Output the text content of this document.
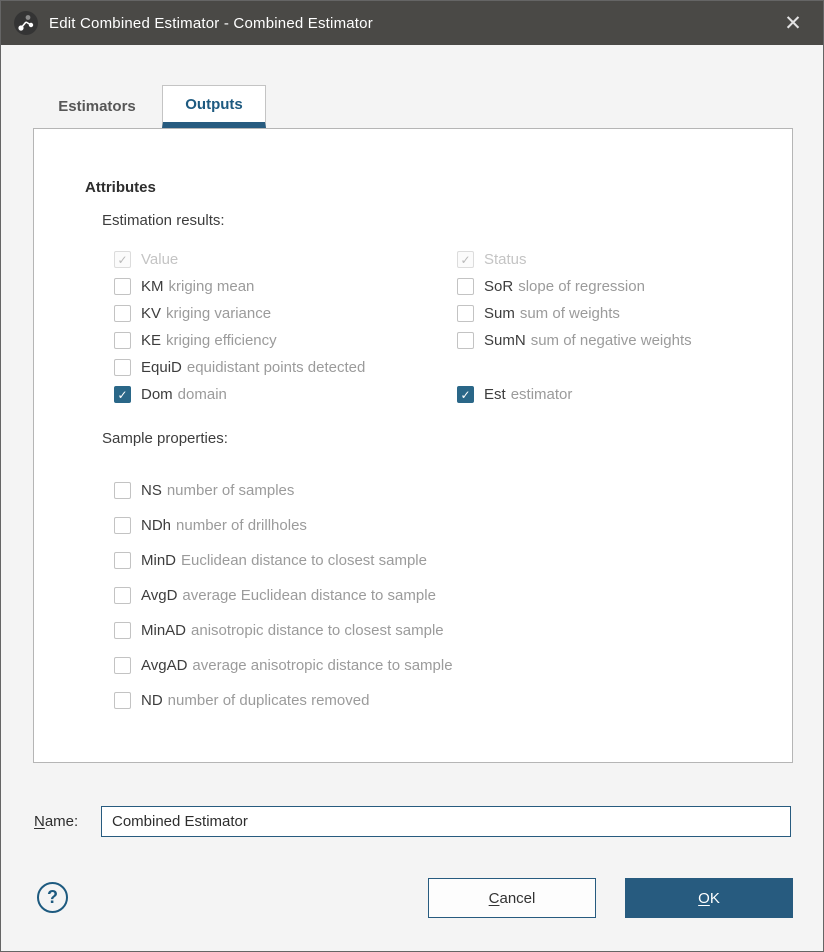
Edit Combined Estimator - Combined Estimator	✕
Estimators	Outputs
Attributes
Estimation results:
✓
Value
KM kriging mean
KV kriging variance
KE kriging efficiency
EquiD equidistant points detected
✓
Dom domain
✓
Status
SoR slope of regression
Sum sum of weights
SumN sum of negative weights
✓
Est estimator
Sample properties:
NS number of samples
NDh number of drillholes
MinD Euclidean distance to closest sample
AvgD average Euclidean distance to sample
MinAD anisotropic distance to closest sample
AvgAD average anisotropic distance to sample
ND number of duplicates removed
Name:
Combined Estimator
?	Cancel	OK
